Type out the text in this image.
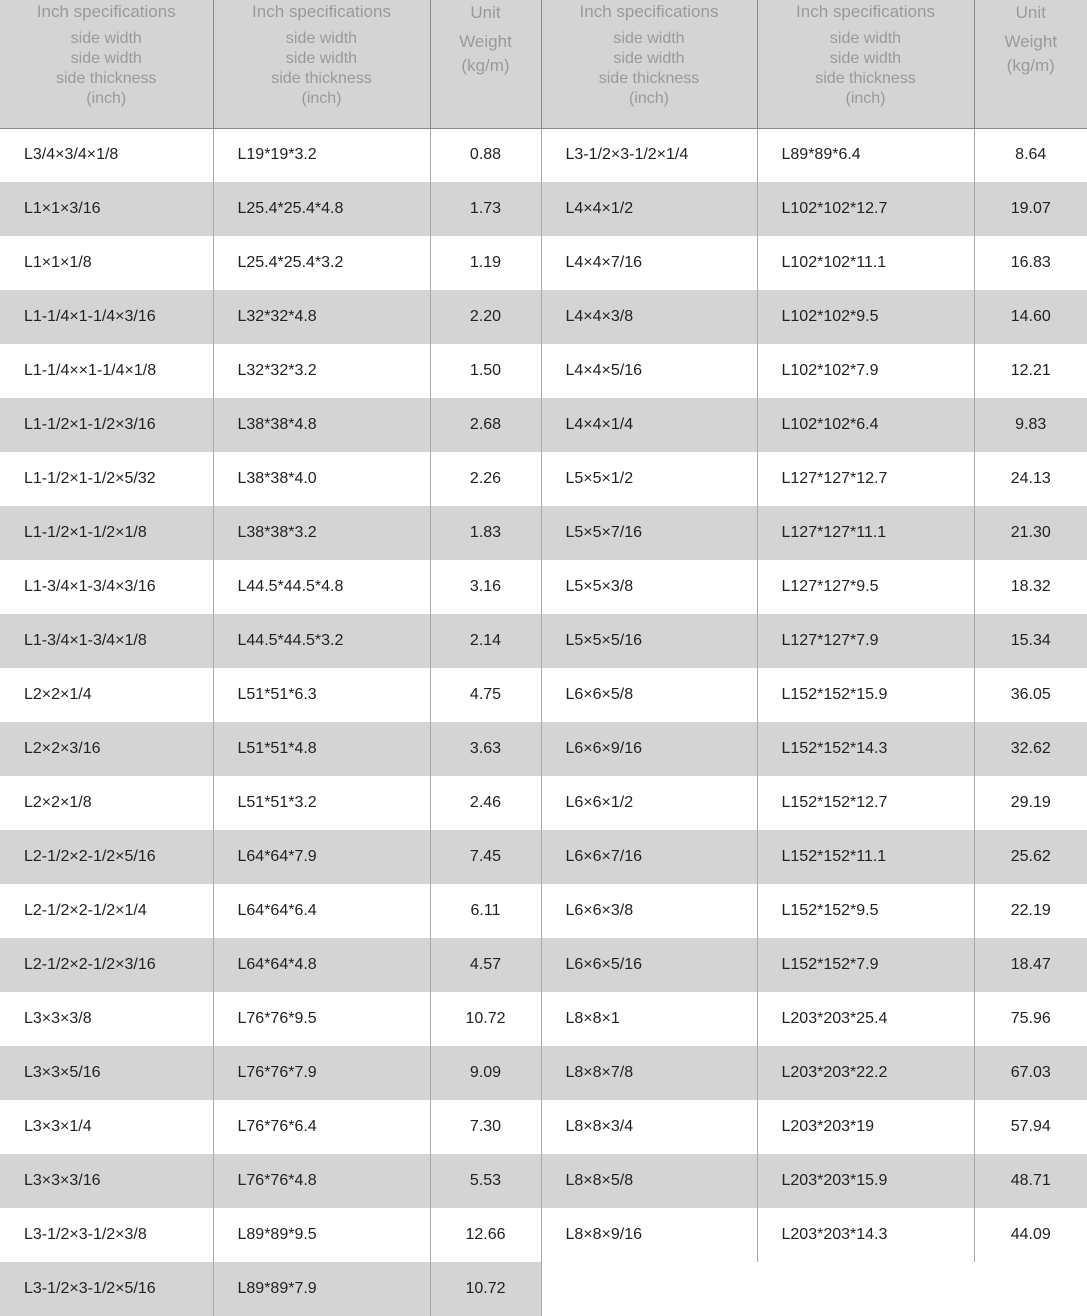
Inch specifications
side width
side width
side thickness
(inch)	Inch specifications
side width
side width
side thickness
(inch)	Unit
Weight
(kg/m)	Inch specifications
side width
side width
side thickness
(inch)	Inch specifications
side width
side width
side thickness
(inch)	Unit
Weight
(kg/m)

L3/4×3/4×1/8	L19*19*3.2	0.88	L3-1/2×3-1/2×1/4	L89*89*6.4	8.64
L1×1×3/16	L25.4*25.4*4.8	1.73	L4×4×1/2	L102*102*12.7	19.07
L1×1×1/8	L25.4*25.4*3.2	1.19	L4×4×7/16	L102*102*11.1	16.83
L1-1/4×1-1/4×3/16	L32*32*4.8	2.20	L4×4×3/8	L102*102*9.5	14.60
L1-1/4××1-1/4×1/8	L32*32*3.2	1.50	L4×4×5/16	L102*102*7.9	12.21
L1-1/2×1-1/2×3/16	L38*38*4.8	2.68	L4×4×1/4	L102*102*6.4	9.83
L1-1/2×1-1/2×5/32	L38*38*4.0	2.26	L5×5×1/2	L127*127*12.7	24.13
L1-1/2×1-1/2×1/8	L38*38*3.2	1.83	L5×5×7/16	L127*127*11.1	21.30
L1-3/4×1-3/4×3/16	L44.5*44.5*4.8	3.16	L5×5×3/8	L127*127*9.5	18.32
L1-3/4×1-3/4×1/8	L44.5*44.5*3.2	2.14	L5×5×5/16	L127*127*7.9	15.34
L2×2×1/4	L51*51*6.3	4.75	L6×6×5/8	L152*152*15.9	36.05
L2×2×3/16	L51*51*4.8	3.63	L6×6×9/16	L152*152*14.3	32.62
L2×2×1/8	L51*51*3.2	2.46	L6×6×1/2	L152*152*12.7	29.19
L2-1/2×2-1/2×5/16	L64*64*7.9	7.45	L6×6×7/16	L152*152*11.1	25.62
L2-1/2×2-1/2×1/4	L64*64*6.4	6.11	L6×6×3/8	L152*152*9.5	22.19
L2-1/2×2-1/2×3/16	L64*64*4.8	4.57	L6×6×5/16	L152*152*7.9	18.47
L3×3×3/8	L76*76*9.5	10.72	L8×8×1	L203*203*25.4	75.96
L3×3×5/16	L76*76*7.9	9.09	L8×8×7/8	L203*203*22.2	67.03
L3×3×1/4	L76*76*6.4	7.30	L8×8×3/4	L203*203*19	57.94
L3×3×3/16	L76*76*4.8	5.53	L8×8×5/8	L203*203*15.9	48.71
L3-1/2×3-1/2×3/8	L89*89*9.5	12.66	L8×8×9/16	L203*203*14.3	44.09
L3-1/2×3-1/2×5/16	L89*89*7.9	10.72			
